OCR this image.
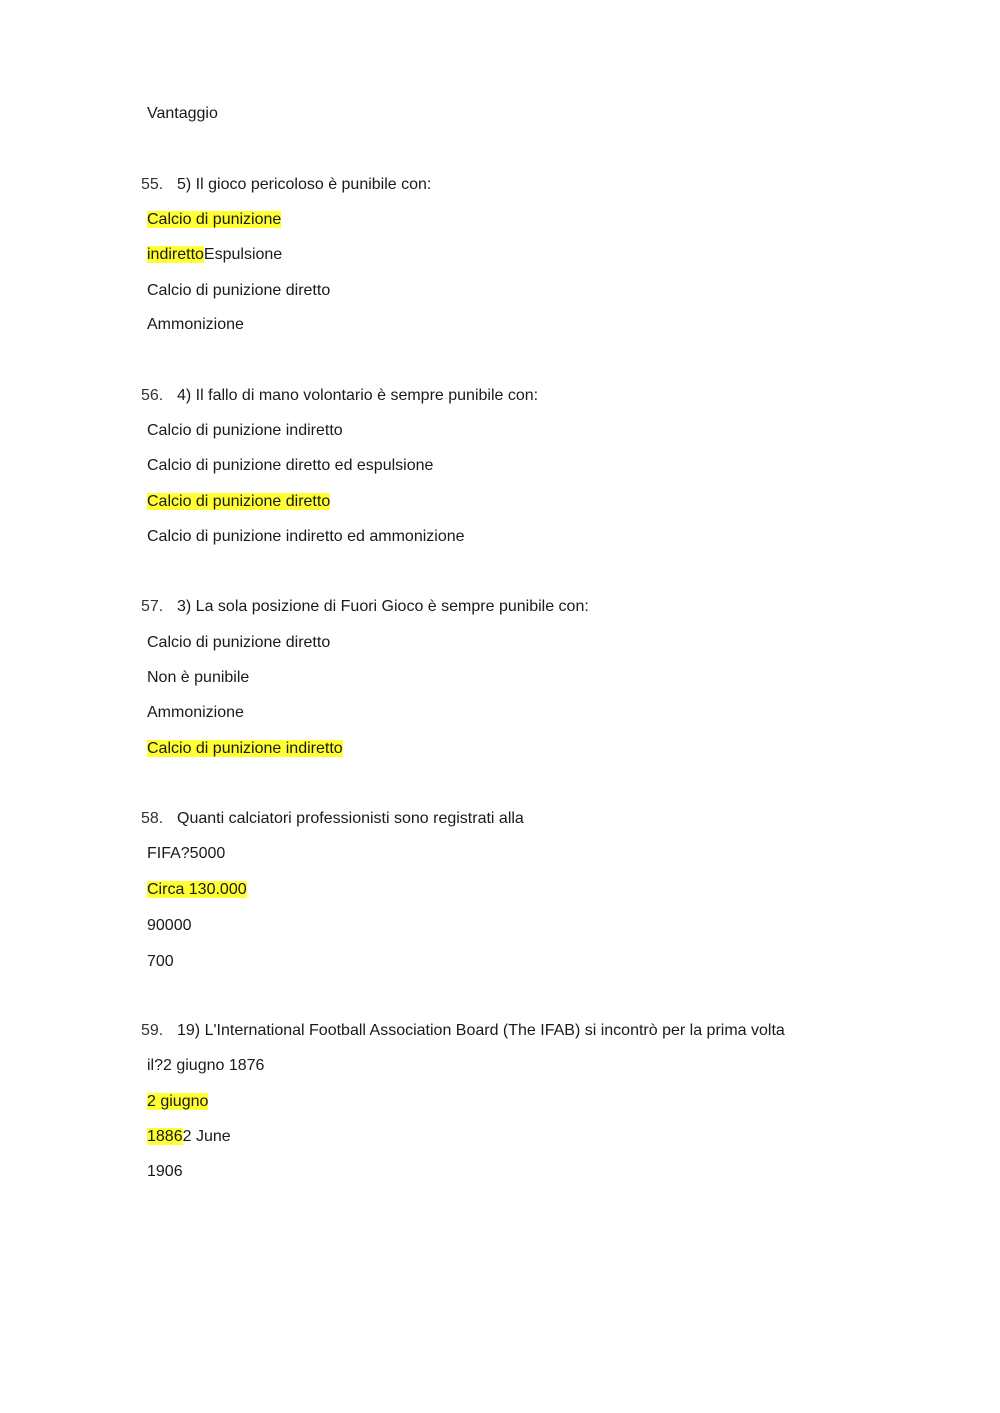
Vantaggio
55. 5) Il gioco pericoloso è punibile con:
Calcio di punizione
indirettoEspulsione
Calcio di punizione diretto
Ammonizione
56. 4) Il fallo di mano volontario è sempre punibile con:
Calcio di punizione indiretto
Calcio di punizione diretto ed espulsione
Calcio di punizione diretto
Calcio di punizione indiretto ed ammonizione
57. 3) La sola posizione di Fuori Gioco è sempre punibile con:
Calcio di punizione diretto
Non è punibile
Ammonizione
Calcio di punizione indiretto
58. Quanti calciatori professionisti sono registrati alla
FIFA?5000
Circa 130.000
90000
700
59. 19) L'International Football Association Board (The IFAB) si incontrò per la prima volta
il?2 giugno 1876
2 giugno
18862 June
1906
